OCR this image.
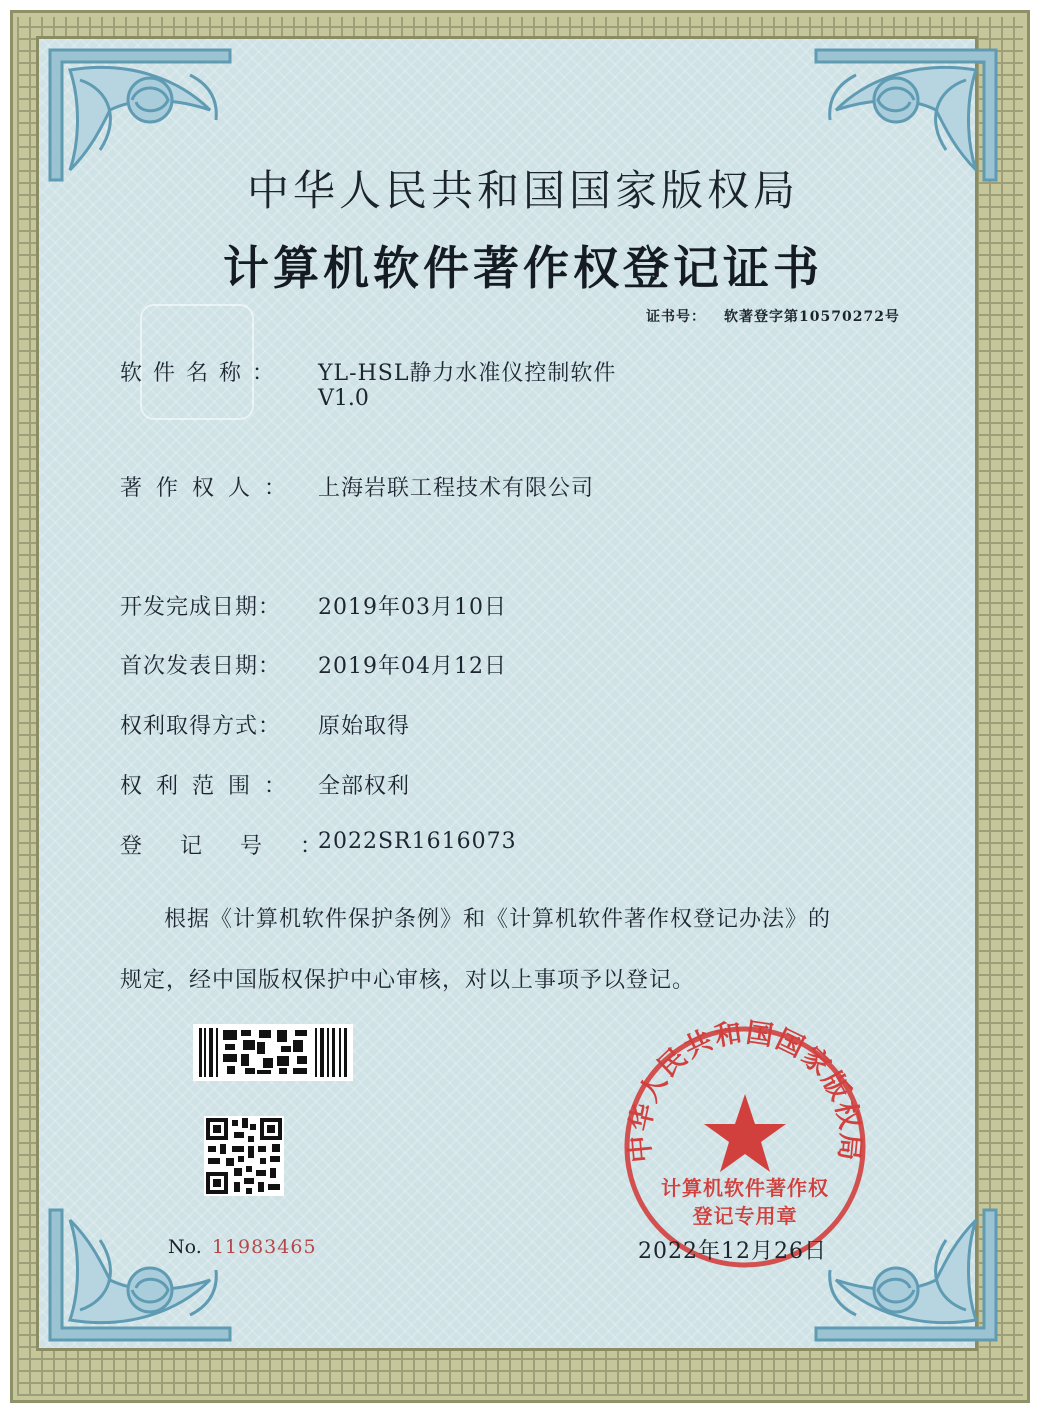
中华人民共和国国家版权局
计算机软件著作权登记证书
证书号： 软著登字第10570272号
软件名称：	YL-HSL静力水准仪控制软件
V1.0
著作权人： 上海岩联工程技术有限公司
开发完成日期：	2019年03月10日
首次发表日期：	2019年04月12日
权利取得方式：	原始取得
权利范围： 全部权利
登记号：
2022SR1616073
根据《计算机软件保护条例》和《计算机软件著作权登记办法》的
规定，经中国版权保护中心审核，对以上事项予以登记。
No. 11983465
中华人民共和国国家版权局
计算机软件著作权
登记专用章
2022年12月26日
